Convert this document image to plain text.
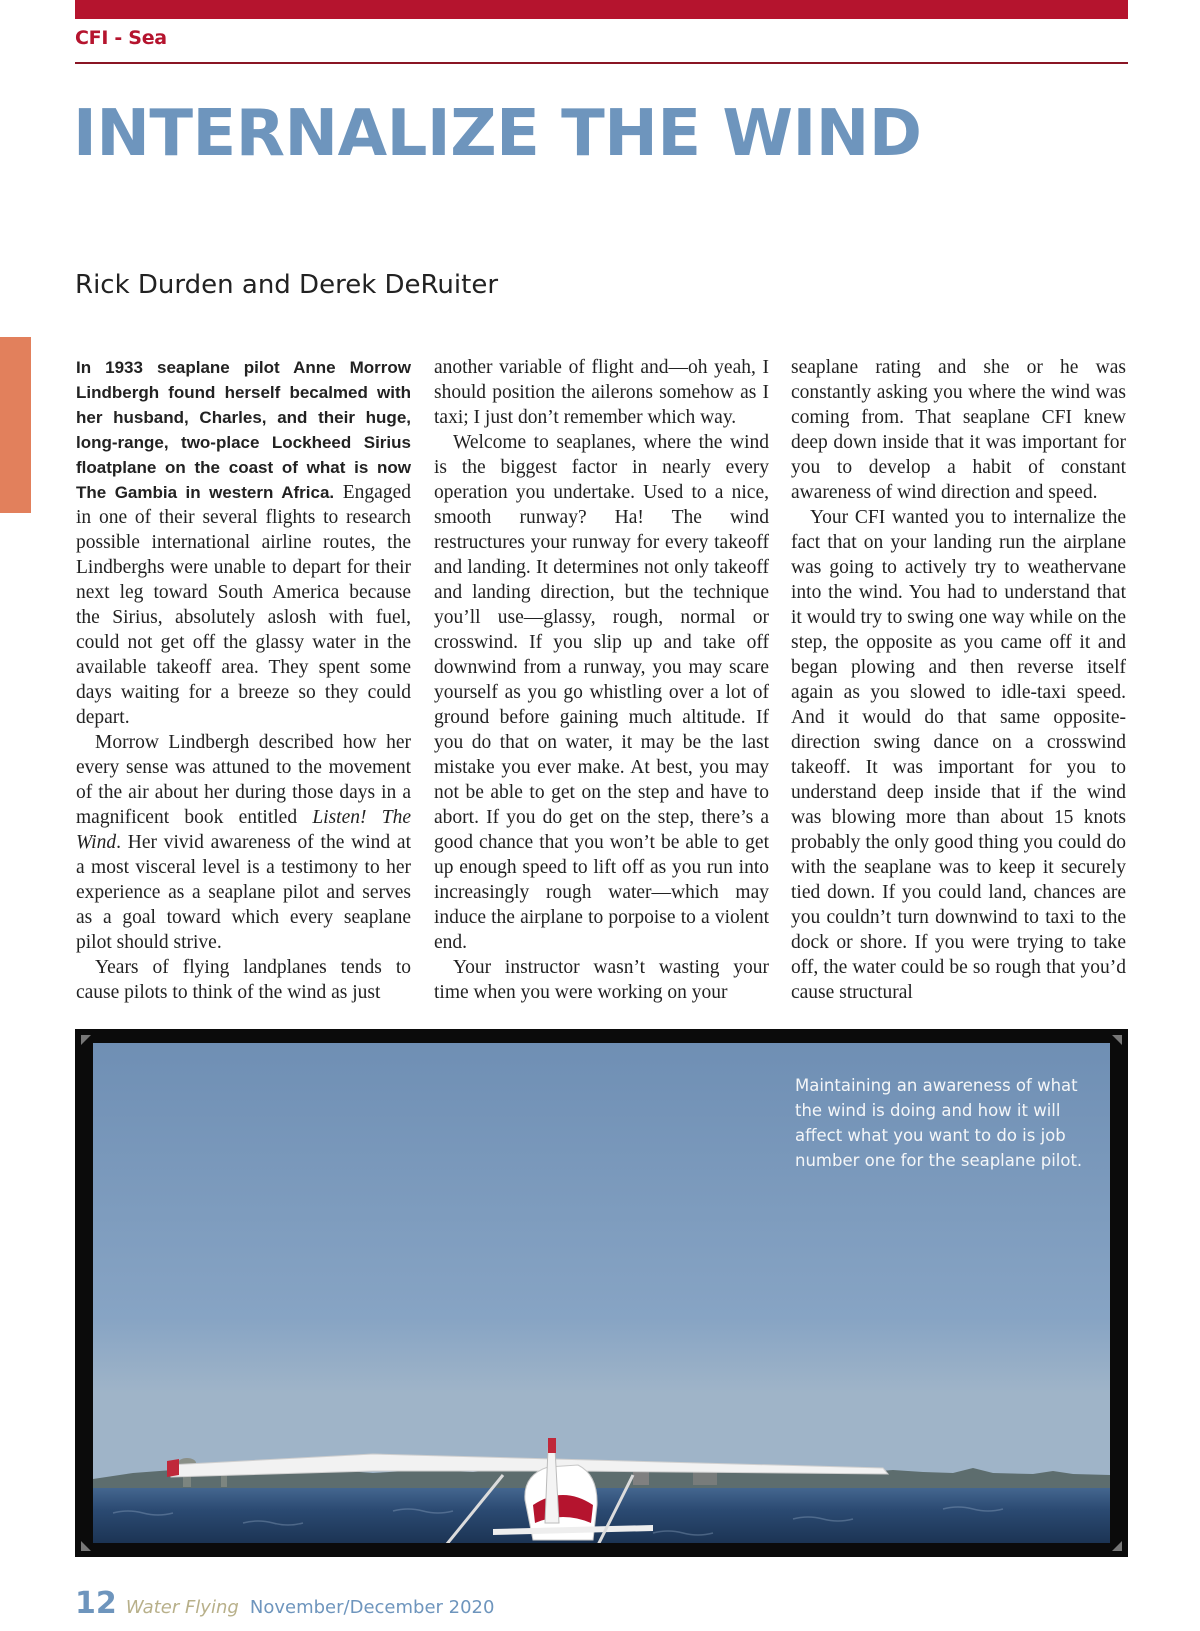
CFI - Sea
INTERNALIZE THE WIND
Rick Durden and Derek DeRuiter

In 1933 seaplane pilot Anne Morrow Lindbergh found herself becalmed with her husband, Charles, and their huge, long-range, two-place Lockheed Sirius floatplane on the coast of what is now The Gambia in western Africa. Engaged in one of their several flights to research possible international airline routes, the Lindberghs were unable to depart for their next leg toward South America because the Sirius, absolutely aslosh with fuel, could not get off the glassy water in the available takeoff area. They spent some days waiting for a breeze so they could depart.

Morrow Lindbergh described how her every sense was attuned to the movement of the air about her during those days in a magnificent book entitled Listen! The Wind. Her vivid awareness of the wind at a most visceral level is a testimony to her experience as a seaplane pilot and serves as a goal toward which every seaplane pilot should strive.

Years of flying landplanes tends to cause pilots to think of the wind as just

another variable of flight and—oh yeah, I should position the ailerons somehow as I taxi; I just don’t remember which way.

Welcome to seaplanes, where the wind is the biggest factor in nearly every operation you undertake. Used to a nice, smooth runway? Ha! The wind restructures your runway for every takeoff and landing. It determines not only takeoff and landing direction, but the technique you’ll use—glassy, rough, normal or crosswind. If you slip up and take off downwind from a runway, you may scare yourself as you go whistling over a lot of ground before gaining much altitude. If you do that on water, it may be the last mistake you ever make. At best, you may not be able to get on the step and have to abort. If you do get on the step, there’s a good chance that you won’t be able to get up enough speed to lift off as you run into increasingly rough water—which may induce the airplane to porpoise to a violent end.

Your instructor wasn’t wasting your time when you were working on your

seaplane rating and she or he was constantly asking you where the wind was coming from. That seaplane CFI knew deep down inside that it was important for you to develop a habit of constant awareness of wind direction and speed.

Your CFI wanted you to internalize the fact that on your landing run the airplane was going to actively try to weathervane into the wind. You had to understand that it would try to swing one way while on the step, the opposite as you came off it and began plowing and then reverse itself again as you slowed to idle-taxi speed. And it would do that same opposite-direction swing dance on a crosswind takeoff. It was important for you to understand deep inside that if the wind was blowing more than about 15 knots probably the only good thing you could do with the seaplane was to keep it securely tied down. If you could land, chances are you couldn’t turn downwind to taxi to the dock or shore. If you were trying to take off, the water could be so rough that you’d cause structural

Maintaining an awareness of what the wind is doing and how it will affect what you want to do is job number one for the seaplane pilot.
12 Water Flying November/December 2020
